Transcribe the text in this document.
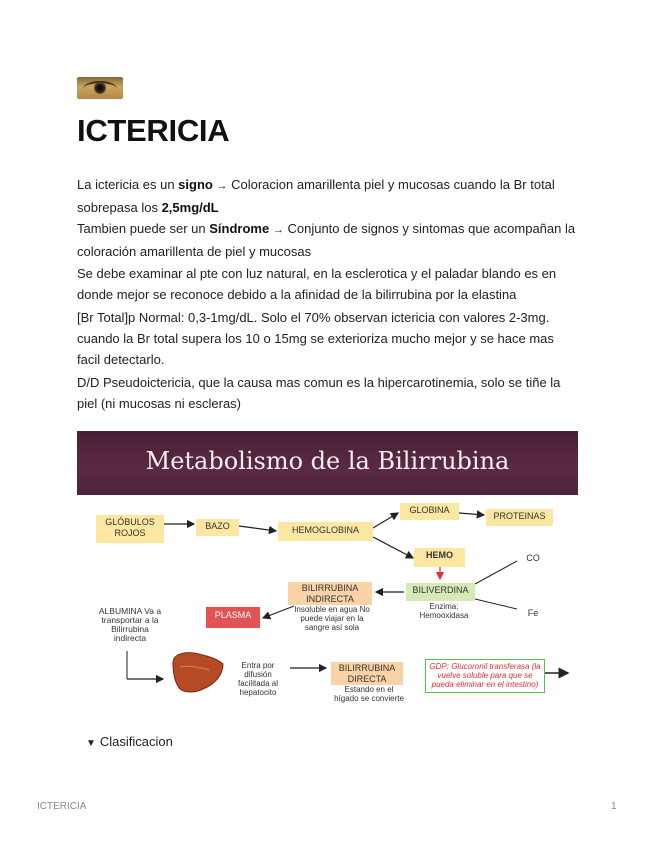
ICTERICIA

La ictericia es un signo → Coloracion amarillenta piel y mucosas cuando la Br total sobrepasa los 2,5mg/dL

Tambien puede ser un Síndrome → Conjunto de signos y sintomas que acompañan la coloración amarillenta de piel y mucosas

Se debe examinar al pte con luz natural, en la esclerotica y el paladar blando es en donde mejor se reconoce debido a la afinidad de la bilirrubina por la elastina

[Br Total]p Normal: 0,3-1mg/dL. Solo el 70% observan ictericia con valores 2-3mg. cuando la Br total supera los 10 o 15mg se exterioriza mucho mejor y se hace mas facil detectarlo.

D/D Pseudoictericia, que la causa mas comun es la hipercarotinemia, solo se tiñe la piel (ni mucosas ni escleras)

Metabolismo de la Bilirrubina
GLÓBULOS ROJOS
BAZO	HEMOGLOBINA
GLOBINA
PROTEINAS
HEMO	CO
Fe
BILIVERDINA
Enzima: Hemooxidasa
BILIRRUBINA INDIRECTA
Insoluble en agua No puede viajar en la sangre así sola
ALBUMINA Va a transportar a la Bilirrubina indirecta
PLASMA
Entra por difusión facilitada al hepatocito
BILIRRUBINA DIRECTA
Estando en el hígado se convierte
GDP: Glucoronil transferasa (la vuelve soluble para que se pueda eliminar en el intestino)
▼ Clasificacion
ICTERICIA	1
